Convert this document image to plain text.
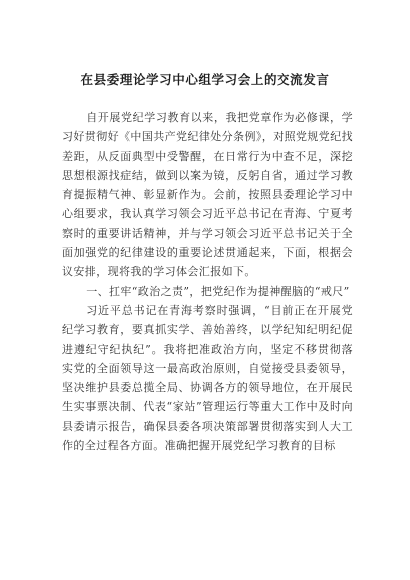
在县委理论学习中心组学习会上的交流发言

自开展党纪学习教育以来，我把党章作为必修课，学习好贯彻好《中国共产党纪律处分条例》，对照党规党纪找差距，从反面典型中受警醒，在日常行为中查不足，深挖思想根源找症结，做到以案为镜，反躬自省，通过学习教育提振精气神、彰显新作为。会前，按照县委理论学习中心组要求，我认真学习领会习近平总书记在青海、宁夏考察时的重要讲话精神，并与学习领会习近平总书记关于全面加强党的纪律建设的重要论述贯通起来，下面，根据会议安排，现将我的学习体会汇报如下。

一、扛牢“政治之责”，把党纪作为提神醒脑的“戒尺”

习近平总书记在青海考察时强调，“目前正在开展党纪学习教育，要真抓实学、善始善终，以学纪知纪明纪促进遵纪守纪执纪”。我将把准政治方向，坚定不移贯彻落实党的全面领导这一最高政治原则，自觉接受县委领导，坚决维护县委总揽全局、协调各方的领导地位，在开展民生实事票决制、代表“家站”管理运行等重大工作中及时向县委请示报告，确保县委各项决策部署贯彻落实到人大工作的全过程各方面。准确把握开展党纪学习教育的目标
